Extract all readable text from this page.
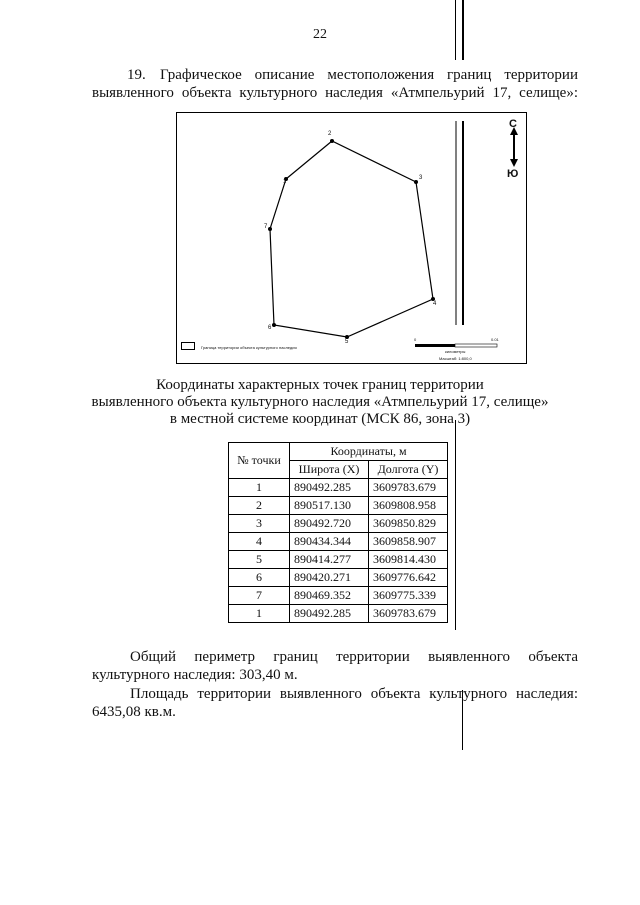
22
19. Графическое описание местоположения границ территории
выявленного объекта культурного наследия «Атмпельурий 17, селище»:
1
2
3
4
5
6
7
С
Ю
Граница территории объекта культурного наследия
0	0.01
километры
Масштаб: 1:800,0
Координаты характерных точек границ территории
выявленного объекта культурного наследия «Атмпельурий 17, селище»
в местной системе координат (МСК 86, зона 3)
№ точки	Координаты, м	
	Широта (X)	Долгота (Y)
1	890492.285	3609783.679
2	890517.130	3609808.958
3	890492.720	3609850.829
4	890434.344	3609858.907
5	890414.277	3609814.430
6	890420.271	3609776.642
7	890469.352	3609775.339
1	890492.285	3609783.679
Общий периметр границ территории выявленного объекта
культурного наследия: 303,40 м.
Площадь территории выявленного объекта культурного наследия:
6435,08 кв.м.
